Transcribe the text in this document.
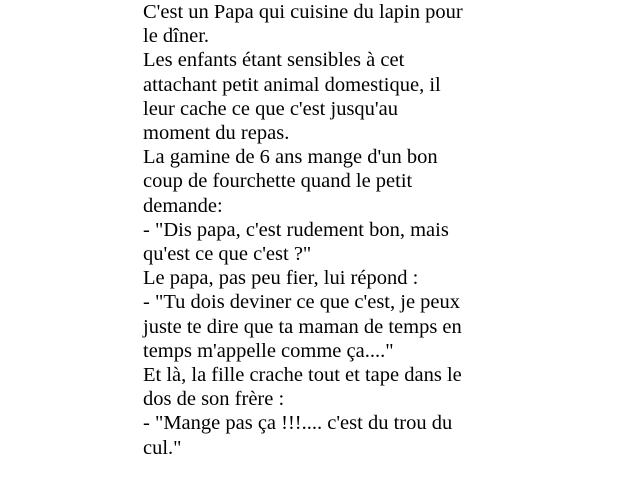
C'est un Papa qui cuisine du lapin pour
le dîner.
Les enfants étant sensibles à cet
attachant petit animal domestique, il
leur cache ce que c'est jusqu'au
moment du repas.
La gamine de 6 ans mange d'un bon
coup de fourchette quand le petit
demande:
- "Dis papa, c'est rudement bon, mais
qu'est ce que c'est ?"
Le papa, pas peu fier, lui répond :
- "Tu dois deviner ce que c'est, je peux
juste te dire que ta maman de temps en
temps m'appelle comme ça...."
Et là, la fille crache tout et tape dans le
dos de son frère :
- "Mange pas ça !!!.... c'est du trou du
cul."
